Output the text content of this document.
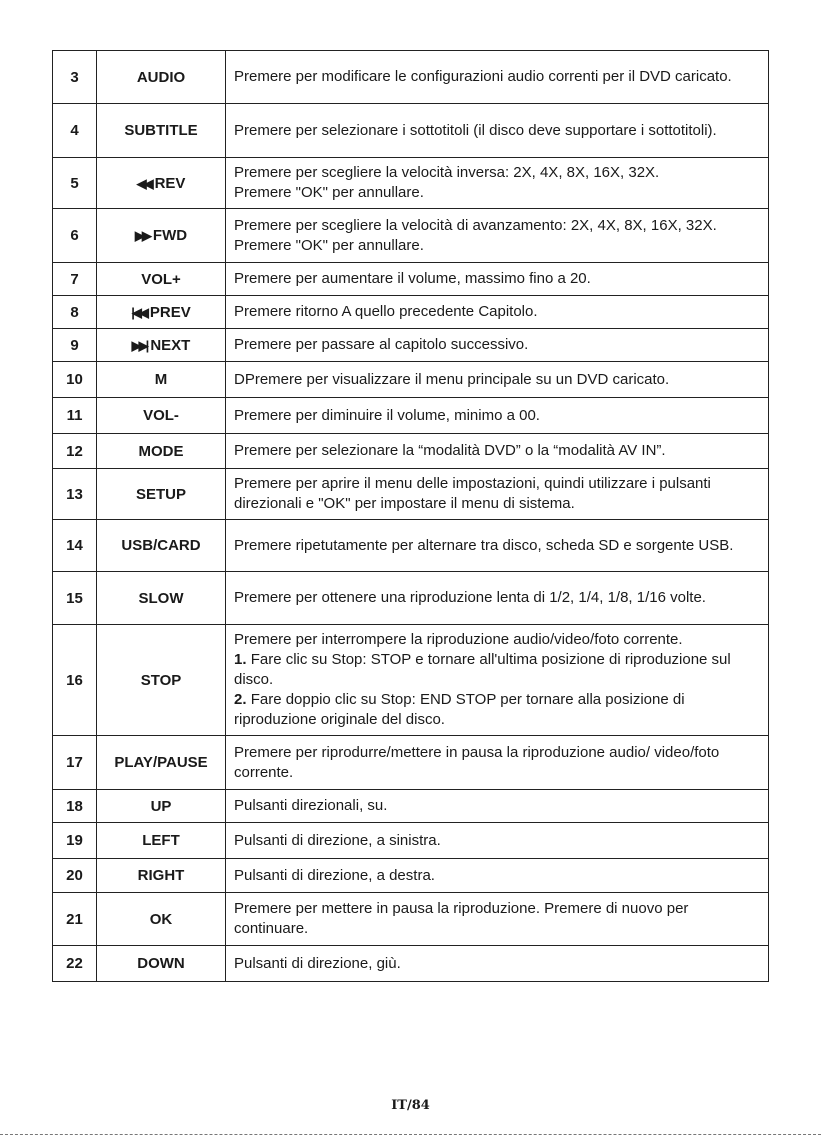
3	AUDIO	Premere per modificare le configurazioni audio correnti per il DVD caricato.

4	SUBTITLE	Premere per selezionare i sottotitoli (il disco deve supportare i sottotitoli).

5	◀◀ REV	Premere per scegliere la velocità inversa: 2X, 4X, 8X, 16X, 32X.
Premere "OK" per annullare.

6	▶▶ FWD	Premere per scegliere la velocità di avanzamento: 2X, 4X, 8X, 16X, 32X. Premere "OK" per annullare.

7	VOL+	Premere per aumentare il volume, massimo fino a 20.

8	|◀◀ PREV	Premere ritorno A quello precedente Capitolo.

9	▶▶| NEXT	Premere per passare al capitolo successivo.

10	M	DPremere per visualizzare il menu principale su un DVD caricato.

11	VOL-	Premere per diminuire il volume, minimo a 00.

12	MODE	Premere per selezionare la “modalità DVD” o la “modalità AV IN”.

13	SETUP	Premere per aprire il menu delle impostazioni, quindi utilizzare i pulsanti direzionali e "OK" per impostare il menu di sistema.

14	USB/CARD	Premere ripetutamente per alternare tra disco, scheda SD e sorgente USB.

15	SLOW	Premere per ottenere una riproduzione lenta di 1/2, 1/4, 1/8, 1/16 volte.

16	STOP	Premere per interrompere la riproduzione audio/video/foto corrente.
1. Fare clic su Stop: STOP e tornare all'ultima posizione di riproduzione sul disco.
2. Fare doppio clic su Stop: END STOP per tornare alla posizione di riproduzione originale del disco.

17	PLAY/PAUSE	Premere per riprodurre/mettere in pausa la riproduzione audio/ video/foto corrente.

18	UP	Pulsanti direzionali, su.

19	LEFT	Pulsanti di direzione, a sinistra.

20	RIGHT	Pulsanti di direzione, a destra.

21	OK	Premere per mettere in pausa la riproduzione. Premere di nuovo per continuare.

22	DOWN	Pulsanti di direzione, giù.
IT/84
